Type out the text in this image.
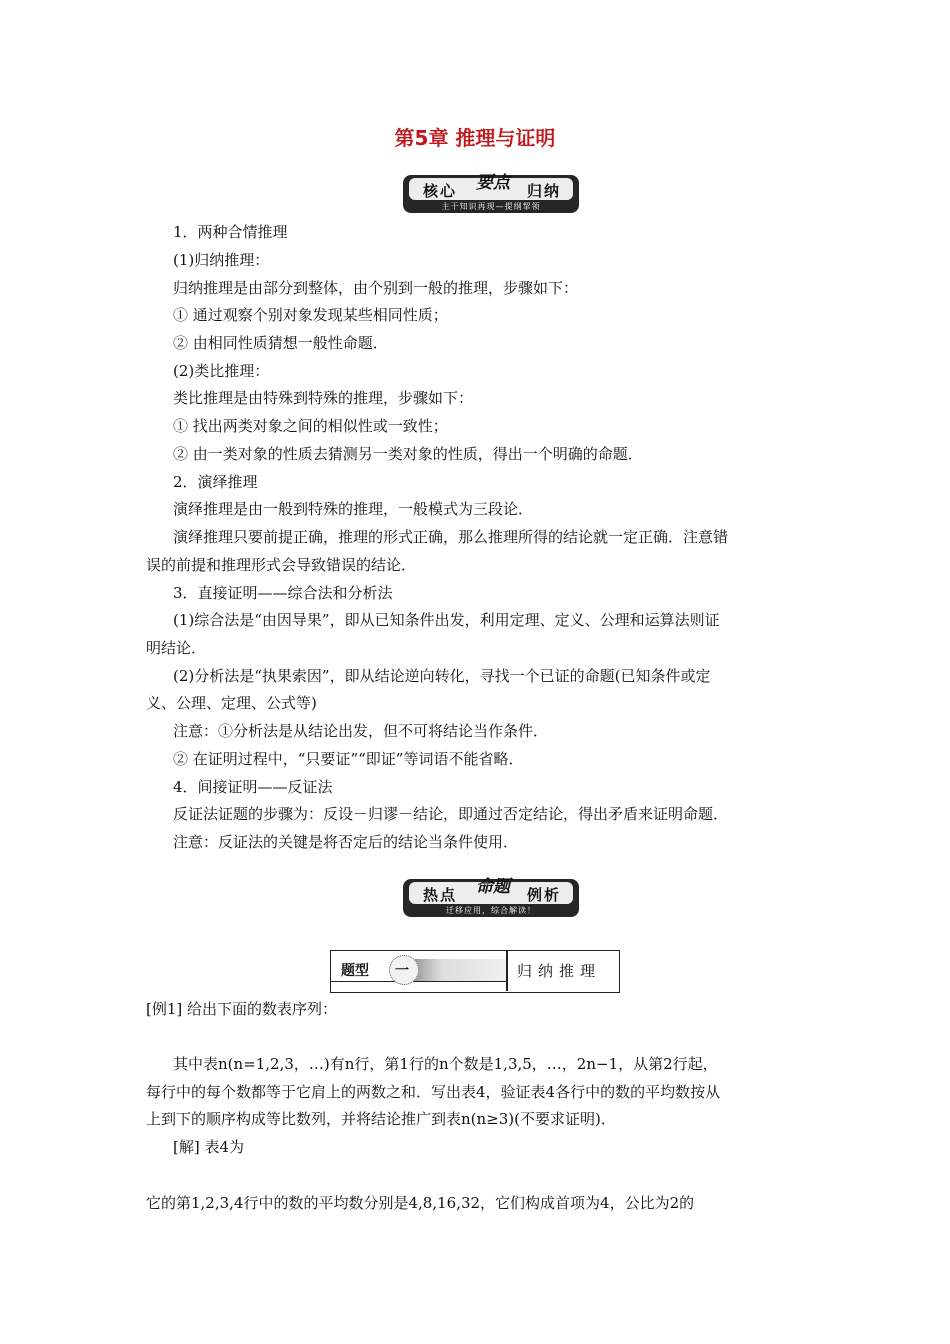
第5章 推理与证明
核心	要点	归纳
主干知识再现—提纲挈领
1．两种合情推理
(1)归纳推理：
归纳推理是由部分到整体，由个别到一般的推理，步骤如下：
① 通过观察个别对象发现某些相同性质；
② 由相同性质猜想一般性命题．
(2)类比推理：
类比推理是由特殊到特殊的推理，步骤如下：
① 找出两类对象之间的相似性或一致性；
② 由一类对象的性质去猜测另一类对象的性质，得出一个明确的命题．
2．演绎推理
演绎推理是由一般到特殊的推理，一般模式为三段论．
演绎推理只要前提正确，推理的形式正确，那么推理所得的结论就一定正确．注意错
误的前提和推理形式会导致错误的结论．
3．直接证明——综合法和分析法
(1)综合法是“由因导果”，即从已知条件出发，利用定理、定义、公理和运算法则证
明结论．
(2)分析法是“执果索因”，即从结论逆向转化，寻找一个已证的命题(已知条件或定
义、公理、定理、公式等)
注意：①分析法是从结论出发，但不可将结论当作条件．
② 在证明过程中，“只要证”“即证”等词语不能省略．
4．间接证明——反证法
反证法证题的步骤为：反设－归谬－结论，即通过否定结论，得出矛盾来证明命题．
注意：反证法的关键是将否定后的结论当条件使用．
热点	命题	例析
迁移应用，综合解读！
题型 一	归纳推理
[例1] 给出下面的数表序列：
其中表n(n=1,2,3，…)有n行，第1行的n个数是1,3,5，…，2n−1，从第2行起，
每行中的每个数都等于它肩上的两数之和．写出表4，验证表4各行中的数的平均数按从
上到下的顺序构成等比数列，并将结论推广到表n(n≥3)(不要求证明)．
[解] 表4为
它的第1,2,3,4行中的数的平均数分别是4,8,16,32，它们构成首项为4，公比为2的
